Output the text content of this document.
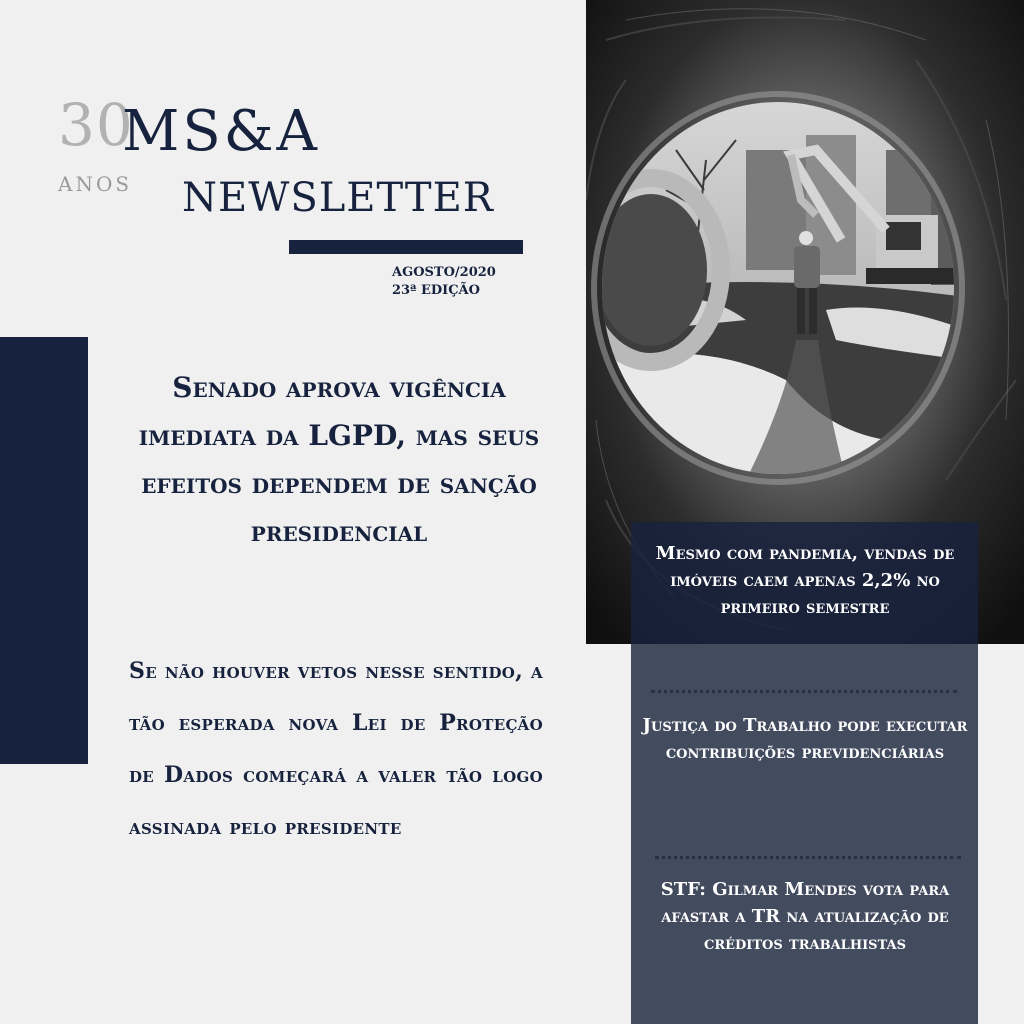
30
ANOS
MS&A
NEWSLETTER
AGOSTO/2020
23ª EDIÇÃO
Senado aprova vigência imediata da LGPD, mas seus efeitos dependem de sanção presidencial
Se não houver vetos nesse sentido, a tão esperada nova Lei de Proteção de Dados começará a valer tão logo assinada pelo presidente
Mesmo com pandemia, vendas de imóveis caem apenas 2,2% no primeiro semestre
Justiça do Trabalho pode executar contribuições previdenciárias
STF: Gilmar Mendes vota para afastar a TR na atualização de créditos trabalhistas
